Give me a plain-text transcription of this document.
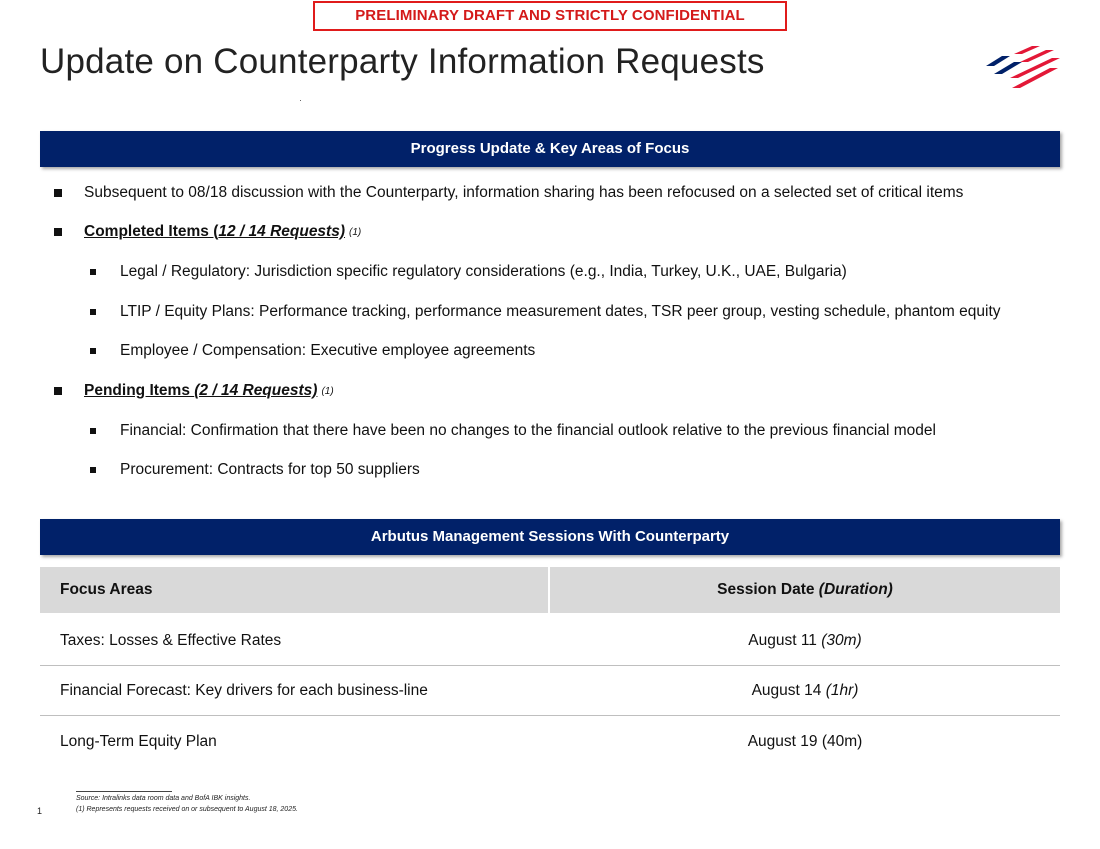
PRELIMINARY DRAFT AND STRICTLY CONFIDENTIAL
Update on Counterparty Information Requests
Progress Update & Key Areas of Focus
Subsequent to 08/18 discussion with the Counterparty, information sharing has been refocused on a selected set of critical items
Completed Items (12 / 14 Requests) (1)
Legal / Regulatory: Jurisdiction specific regulatory considerations (e.g., India, Turkey, U.K., UAE, Bulgaria)
LTIP / Equity Plans: Performance tracking, performance measurement dates, TSR peer group, vesting schedule, phantom equity
Employee / Compensation: Executive employee agreements
Pending Items (2 / 14 Requests) (1)
Financial: Confirmation that there have been no changes to the financial outlook relative to the previous financial model
Procurement: Contracts for top 50 suppliers
Arbutus Management Sessions With Counterparty
Focus Areas	Session Date (Duration)
Taxes: Losses & Effective Rates	August 11 (30m)
Financial Forecast: Key drivers for each business-line	August 14 (1hr)
Long-Term Equity Plan	August 19 (40m)
Source: Intralinks data room data and BofA IBK insights.
(1) Represents requests received on or subsequent to August 18, 2025.
1
